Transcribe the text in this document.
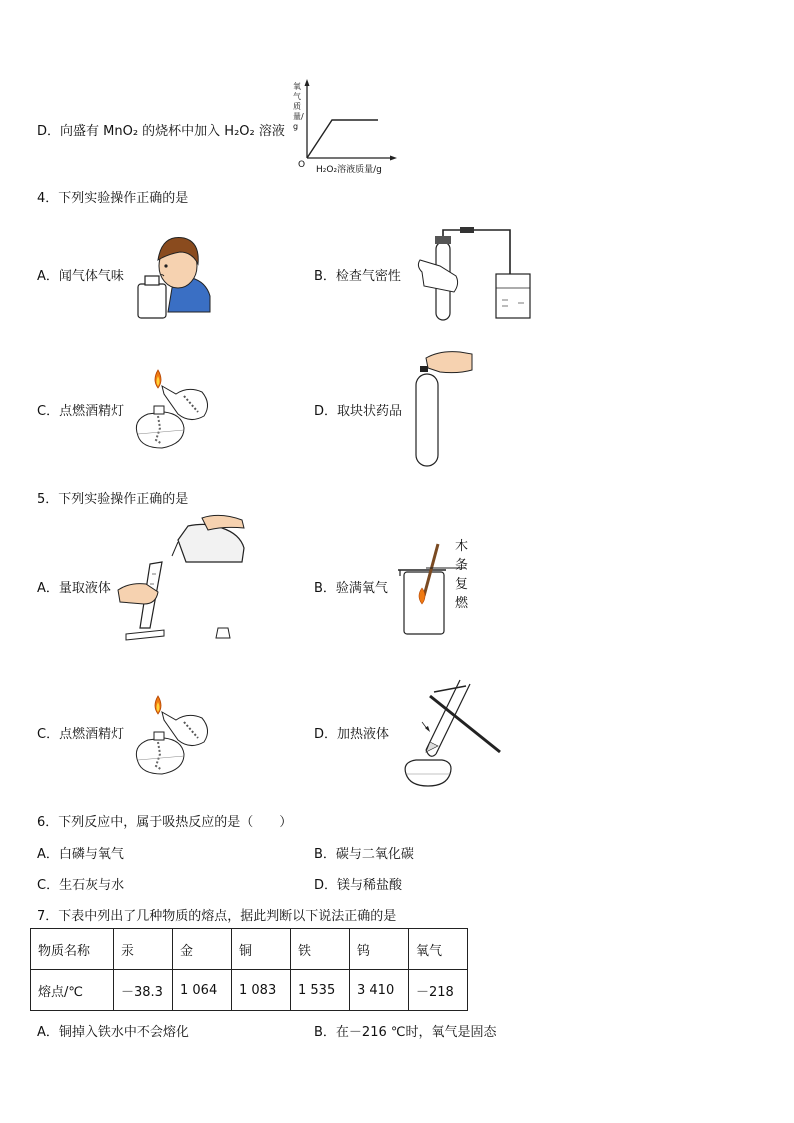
D．向盛有 MnO₂ 的烧杯中加入 H₂O₂ 溶液
氧气质量/g
O H₂O₂溶液质量/g
4．下列实验操作正确的是
A．闻气体气味	B．检查气密性
C．点燃酒精灯	D．取块状药品
5．下列实验操作正确的是
A．量取液体	B．验满氧气
木
条
复
燃
C．点燃酒精灯	D．加热液体
6．下列反应中，属于吸热反应的是（　　）
A．白磷与氧气	B．碳与二氧化碳
C．生石灰与水	D．镁与稀盐酸
7．下表中列出了几种物质的熔点，据此判断以下说法正确的是
物质名称	汞	金	铜	铁	钨	氧气
熔点/℃	－38.3	1 064	1 083	1 535	3 410	－218
A．铜掉入铁水中不会熔化	B．在－216 ℃时，氧气是固态
